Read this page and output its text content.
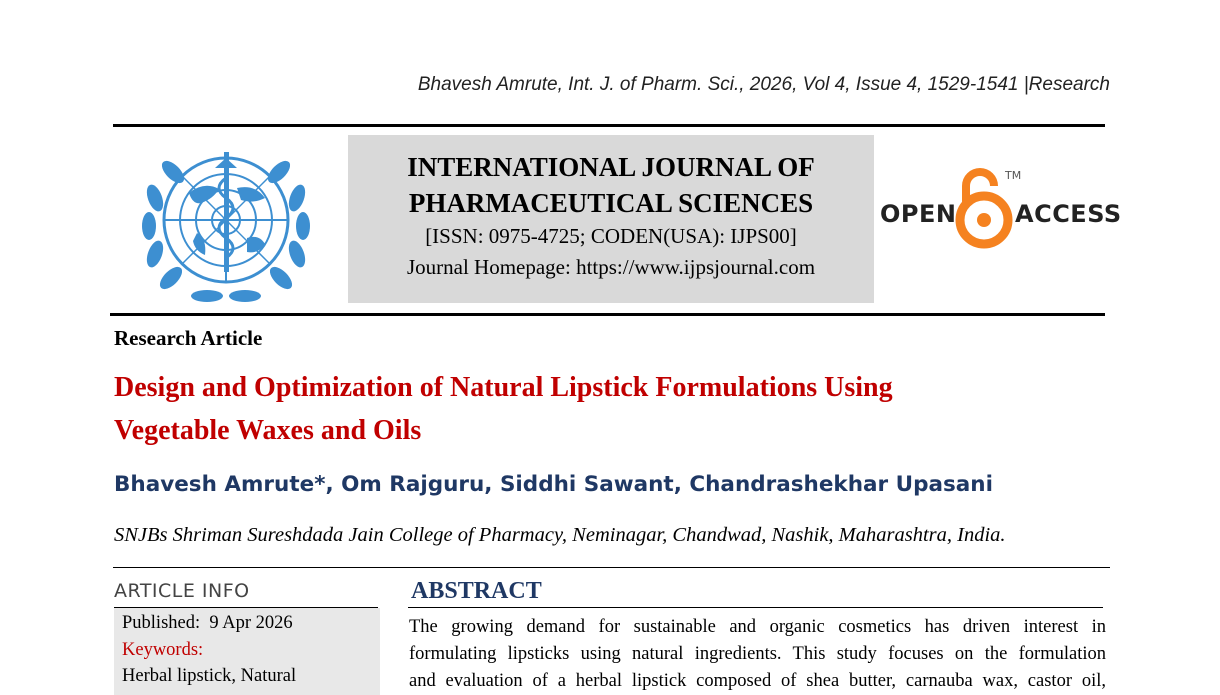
Bhavesh Amrute, Int. J. of Pharm. Sci., 2026, Vol 4, Issue 4, 1529-1541 |Research
INTERNATIONAL JOURNAL OF
PHARMACEUTICAL SCIENCES
[ISSN: 0975-4725; CODEN(USA): IJPS00]
Journal Homepage: https://www.ijpsjournal.com
OPEN
TM
ACCESS
Research Article
Design and Optimization of Natural Lipstick Formulations Using
Vegetable Waxes and Oils
Bhavesh Amrute*, Om Rajguru, Siddhi Sawant, Chandrashekhar Upasani
SNJBs Shriman Sureshdada Jain College of Pharmacy, Neminagar, Chandwad, Nashik, Maharashtra, India.
ARTICLE INFO
Published: 9 Apr 2026
Keywords:
Herbal lipstick, Natural
ABSTRACT
The growing demand for sustainable and organic cosmetics has driven interest in
formulating lipsticks using natural ingredients. This study focuses on the formulation
and evaluation of a herbal lipstick composed of shea butter, carnauba wax, castor oil,
